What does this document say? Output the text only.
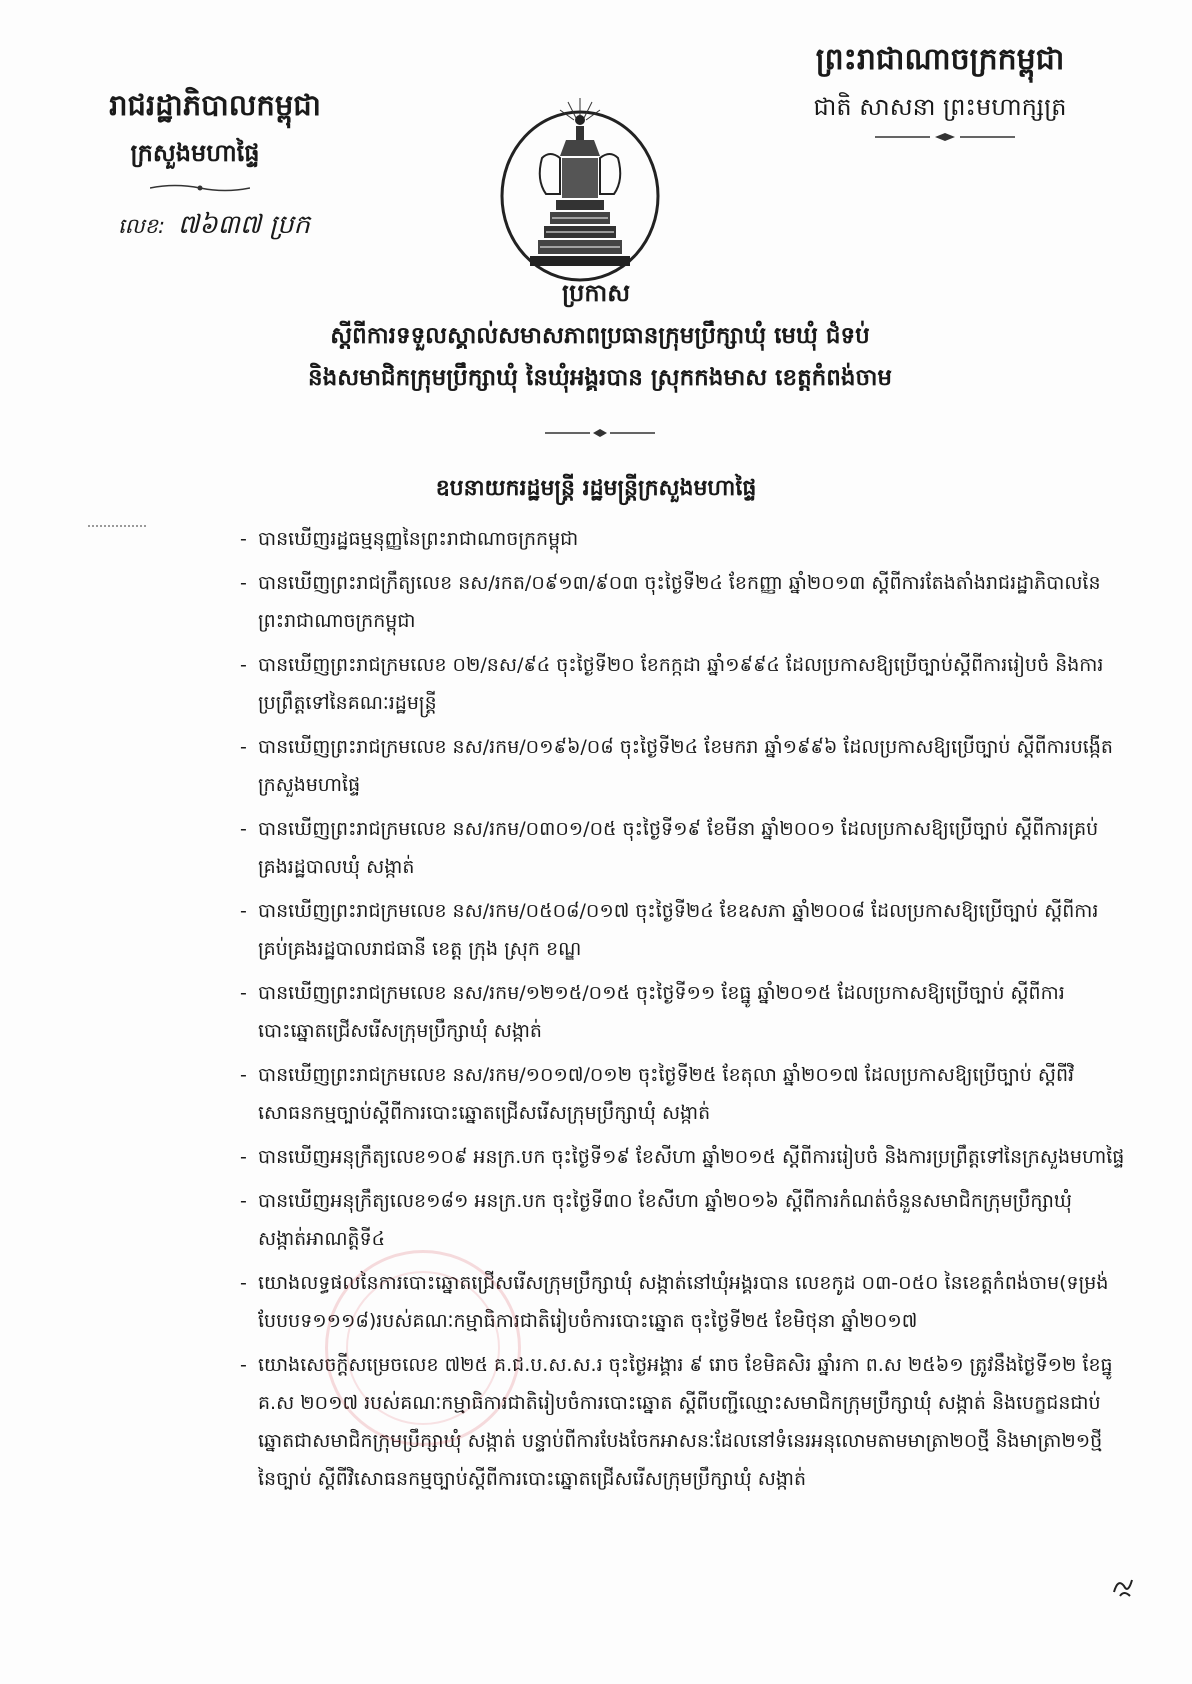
ព្រះរាជាណាចក្រកម្ពុជា
ជាតិ សាសនា ព្រះមហាក្សត្រ
រាជរដ្ឋាភិបាលកម្ពុជា
ក្រសួងមហាផ្ទៃ
លេខ: ៧៦៣៧ ប្រក
ប្រកាស
ស្តីពីការទទួលស្គាល់សមាសភាពប្រធានក្រុមប្រឹក្សាឃុំ មេឃុំ ជំទប់
និងសមាជិកក្រុមប្រឹក្សាឃុំ នៃឃុំអង្គរបាន ស្រុកកងមាស ខេត្តកំពង់ចាម
ឧបនាយករដ្ឋមន្ត្រី រដ្ឋមន្ត្រីក្រសួងមហាផ្ទៃ
- បានឃើញរដ្ឋធម្មនុញ្ញនៃព្រះរាជាណាចក្រកម្ពុជា
- បានឃើញព្រះរាជក្រឹត្យលេខ នស/រកត/០៩១៣/៩០៣ ចុះថ្ងៃទី២៤ ខែកញ្ញា ឆ្នាំ២០១៣ ស្តីពីការតែងតាំងរាជរដ្ឋាភិបាលនៃព្រះរាជាណាចក្រកម្ពុជា
- បានឃើញព្រះរាជក្រមលេខ ០២/នស/៩៤ ចុះថ្ងៃទី២០ ខែកក្កដា ឆ្នាំ១៩៩៤ ដែលប្រកាសឱ្យប្រើច្បាប់ស្តីពីការរៀបចំ និងការប្រព្រឹត្តទៅនៃគណៈរដ្ឋមន្ត្រី
- បានឃើញព្រះរាជក្រមលេខ នស/រកម/០១៩៦/០៨ ចុះថ្ងៃទី២៤ ខែមករា ឆ្នាំ១៩៩៦ ដែលប្រកាសឱ្យប្រើច្បាប់ ស្តីពីការបង្កើតក្រសួងមហាផ្ទៃ
- បានឃើញព្រះរាជក្រមលេខ នស/រកម/០៣០១/០៥ ចុះថ្ងៃទី១៩ ខែមីនា ឆ្នាំ២០០១ ដែលប្រកាសឱ្យប្រើច្បាប់ ស្តីពីការគ្រប់គ្រងរដ្ឋបាលឃុំ សង្កាត់
- បានឃើញព្រះរាជក្រមលេខ នស/រកម/០៥០៨/០១៧ ចុះថ្ងៃទី២៤ ខែឧសភា ឆ្នាំ២០០៨ ដែលប្រកាសឱ្យប្រើច្បាប់ ស្តីពីការគ្រប់គ្រងរដ្ឋបាលរាជធានី ខេត្ត ក្រុង ស្រុក ខណ្ឌ
- បានឃើញព្រះរាជក្រមលេខ នស/រកម/១២១៥/០១៥ ចុះថ្ងៃទី១១ ខែធ្នូ ឆ្នាំ២០១៥ ដែលប្រកាសឱ្យប្រើច្បាប់ ស្តីពីការបោះឆ្នោតជ្រើសរើសក្រុមប្រឹក្សាឃុំ សង្កាត់
- បានឃើញព្រះរាជក្រមលេខ នស/រកម/១០១៧/០១២ ចុះថ្ងៃទី២៥ ខែតុលា ឆ្នាំ២០១៧ ដែលប្រកាសឱ្យប្រើច្បាប់ ស្តីពីវិសោធនកម្មច្បាប់ស្តីពីការបោះឆ្នោតជ្រើសរើសក្រុមប្រឹក្សាឃុំ សង្កាត់
- បានឃើញអនុក្រឹត្យលេខ១០៩ អនក្រ.បក ចុះថ្ងៃទី១៩ ខែសីហា ឆ្នាំ២០១៥ ស្តីពីការរៀបចំ និងការប្រព្រឹត្តទៅនៃក្រសួងមហាផ្ទៃ
- បានឃើញអនុក្រឹត្យលេខ១៨១ អនក្រ.បក ចុះថ្ងៃទី៣០ ខែសីហា ឆ្នាំ២០១៦ ស្តីពីការកំណត់ចំនួនសមាជិកក្រុមប្រឹក្សាឃុំ សង្កាត់អាណត្តិទី៤
- យោងលទ្ធផលនៃការបោះឆ្នោតជ្រើសរើសក្រុមប្រឹក្សាឃុំ សង្កាត់នៅឃុំអង្គរបាន លេខកូដ ០៣-០៥០ នៃខេត្តកំពង់ចាម(ទម្រង់បែបបទ១១១៨)របស់គណៈកម្មាធិការជាតិរៀបចំការបោះឆ្នោត ចុះថ្ងៃទី២៥ ខែមិថុនា ឆ្នាំ២០១៧
- យោងសេចក្តីសម្រេចលេខ ៧២៥ គ.ជ.ប.ស.ស.រ ចុះថ្ងៃអង្គារ ៩ រោច ខែមិគសិរ ឆ្នាំរកា ព.ស ២៥៦១ ត្រូវនឹងថ្ងៃទី១២ ខែធ្នូ គ.ស ២០១៧ របស់គណៈកម្មាធិការជាតិរៀបចំការបោះឆ្នោត ស្តីពីបញ្ជីឈ្មោះសមាជិកក្រុមប្រឹក្សាឃុំ សង្កាត់ និងបេក្ខជនជាប់ឆ្នោតជាសមាជិកក្រុមប្រឹក្សាឃុំ សង្កាត់ បន្ទាប់ពីការបែងចែកអាសនៈដែលនៅទំនេរអនុលោមតាមមាត្រា២០ថ្មី និងមាត្រា២១ថ្មី នៃច្បាប់ ស្តីពីវិសោធនកម្មច្បាប់ស្តីពីការបោះឆ្នោតជ្រើសរើសក្រុមប្រឹក្សាឃុំ សង្កាត់
